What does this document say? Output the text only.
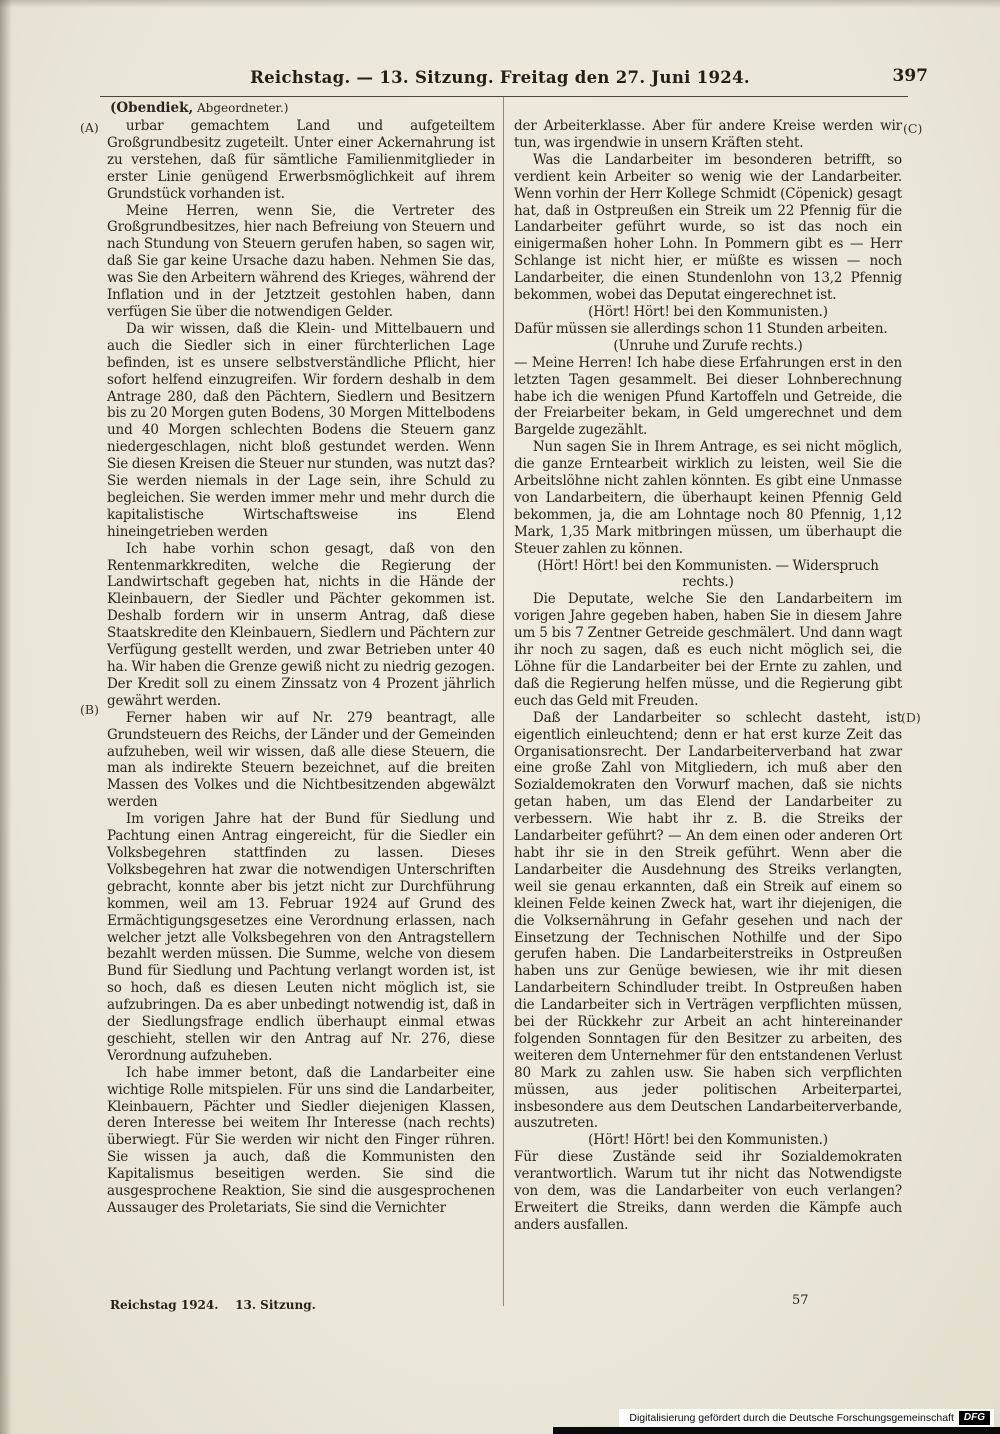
Reichstag. — 13. Sitzung. Freitag den 27. Juni 1924.	397
(Obendiek, Abgeordneter.)
(A)
(B)
(C)
(D)

urbar gemachtem Land und aufgeteiltem Großgrundbesitz zugeteilt. Unter einer Ackernahrung ist zu verstehen, daß für sämtliche Familienmitglieder in erster Linie genügend Erwerbsmöglichkeit auf ihrem Grundstück vorhanden ist.

Meine Herren, wenn Sie, die Vertreter des Großgrundbesitzes, hier nach Befreiung von Steuern und nach Stundung von Steuern gerufen haben, so sagen wir, daß Sie gar keine Ursache dazu haben. Nehmen Sie das, was Sie den Arbeitern während des Krieges, während der Inflation und in der Jetztzeit gestohlen haben, dann verfügen Sie über die notwendigen Gelder.

Da wir wissen, daß die Klein- und Mittelbauern und auch die Siedler sich in einer fürchterlichen Lage befinden, ist es unsere selbstverständliche Pflicht, hier sofort helfend einzugreifen. Wir fordern deshalb in dem Antrage 280, daß den Pächtern, Siedlern und Besitzern bis zu 20 Morgen guten Bodens, 30 Morgen Mittelbodens und 40 Morgen schlechten Bodens die Steuern ganz niedergeschlagen, nicht bloß gestundet werden. Wenn Sie diesen Kreisen die Steuer nur stunden, was nutzt das? Sie werden niemals in der Lage sein, ihre Schuld zu begleichen. Sie werden immer mehr und mehr durch die kapitalistische Wirtschaftsweise ins Elend hineingetrieben werden

Ich habe vorhin schon gesagt, daß von den Rentenmarkkrediten, welche die Regierung der Landwirtschaft gegeben hat, nichts in die Hände der Kleinbauern, der Siedler und Pächter gekommen ist. Deshalb fordern wir in unserm Antrag, daß diese Staatskredite den Kleinbauern, Siedlern und Pächtern zur Verfügung gestellt werden, und zwar Betrieben unter 40 ha. Wir haben die Grenze gewiß nicht zu niedrig gezogen. Der Kredit soll zu einem Zinssatz von 4 Prozent jährlich gewährt werden.

Ferner haben wir auf Nr. 279 beantragt, alle Grundsteuern des Reichs, der Länder und der Gemeinden aufzuheben, weil wir wissen, daß alle diese Steuern, die man als indirekte Steuern bezeichnet, auf die breiten Massen des Volkes und die Nichtbesitzenden abgewälzt werden

Im vorigen Jahre hat der Bund für Siedlung und Pachtung einen Antrag eingereicht, für die Siedler ein Volksbegehren stattfinden zu lassen. Dieses Volksbegehren hat zwar die notwendigen Unterschriften gebracht, konnte aber bis jetzt nicht zur Durchführung kommen, weil am 13. Februar 1924 auf Grund des Ermächtigungsgesetzes eine Verordnung erlassen, nach welcher jetzt alle Volksbegehren von den Antragstellern bezahlt werden müssen. Die Summe, welche von diesem Bund für Siedlung und Pachtung verlangt worden ist, ist so hoch, daß es diesen Leuten nicht möglich ist, sie aufzubringen. Da es aber unbedingt notwendig ist, daß in der Siedlungsfrage endlich überhaupt einmal etwas geschieht, stellen wir den Antrag auf Nr. 276, diese Verordnung aufzuheben.

Ich habe immer betont, daß die Landarbeiter eine wichtige Rolle mitspielen. Für uns sind die Landarbeiter, Kleinbauern, Pächter und Siedler diejenigen Klassen, deren Interesse bei weitem Ihr Interesse (nach rechts) überwiegt. Für Sie werden wir nicht den Finger rühren. Sie wissen ja auch, daß die Kommunisten den Kapitalismus beseitigen werden. Sie sind die ausgesprochene Reaktion, Sie sind die ausgesprochenen Aussauger des Proletariats, Sie sind die Vernichter

der Arbeiterklasse. Aber für andere Kreise werden wir tun, was irgendwie in unsern Kräften steht.

Was die Landarbeiter im besonderen betrifft, so verdient kein Arbeiter so wenig wie der Landarbeiter. Wenn vorhin der Herr Kollege Schmidt (Cöpenick) gesagt hat, daß in Ostpreußen ein Streik um 22 Pfennig für die Landarbeiter geführt wurde, so ist das noch ein einigermaßen hoher Lohn. In Pommern gibt es — Herr Schlange ist nicht hier, er müßte es wissen — noch Landarbeiter, die einen Stundenlohn von 13,2 Pfennig bekommen, wobei das Deputat eingerechnet ist.

(Hört! Hört! bei den Kommunisten.)

Dafür müssen sie allerdings schon 11 Stunden arbeiten.

(Unruhe und Zurufe rechts.)

— Meine Herren! Ich habe diese Erfahrungen erst in den letzten Tagen gesammelt. Bei dieser Lohnberechnung habe ich die wenigen Pfund Kartoffeln und Getreide, die der Freiarbeiter bekam, in Geld umgerechnet und dem Bargelde zugezählt.

Nun sagen Sie in Ihrem Antrage, es sei nicht möglich, die ganze Erntearbeit wirklich zu leisten, weil Sie die Arbeitslöhne nicht zahlen könnten. Es gibt eine Unmasse von Landarbeitern, die überhaupt keinen Pfennig Geld bekommen, ja, die am Lohntage noch 80 Pfennig, 1,12 Mark, 1,35 Mark mitbringen müssen, um überhaupt die Steuer zahlen zu können.

(Hört! Hört! bei den Kommunisten. — Widerspruch rechts.)

Die Deputate, welche Sie den Landarbeitern im vorigen Jahre gegeben haben, haben Sie in diesem Jahre um 5 bis 7 Zentner Getreide geschmälert. Und dann wagt ihr noch zu sagen, daß es euch nicht möglich sei, die Löhne für die Landarbeiter bei der Ernte zu zahlen, und daß die Regierung helfen müsse, und die Regierung gibt euch das Geld mit Freuden.

Daß der Landarbeiter so schlecht dasteht, ist eigentlich einleuchtend; denn er hat erst kurze Zeit das Organisationsrecht. Der Landarbeiterverband hat zwar eine große Zahl von Mitgliedern, ich muß aber den Sozialdemokraten den Vorwurf machen, daß sie nichts getan haben, um das Elend der Landarbeiter zu verbessern. Wie habt ihr z. B. die Streiks der Landarbeiter geführt? — An dem einen oder anderen Ort habt ihr sie in den Streik geführt. Wenn aber die Landarbeiter die Ausdehnung des Streiks verlangten, weil sie genau erkannten, daß ein Streik auf einem so kleinen Felde keinen Zweck hat, wart ihr diejenigen, die die Volksernährung in Gefahr gesehen und nach der Einsetzung der Technischen Nothilfe und der Sipo gerufen haben. Die Landarbeiterstreiks in Ostpreußen haben uns zur Genüge bewiesen, wie ihr mit diesen Landarbeitern Schindluder treibt. In Ostpreußen haben die Landarbeiter sich in Verträgen verpflichten müssen, bei der Rückkehr zur Arbeit an acht hintereinander folgenden Sonntagen für den Besitzer zu arbeiten, des weiteren dem Unternehmer für den entstandenen Verlust 80 Mark zu zahlen usw. Sie haben sich verpflichten müssen, aus jeder politischen Arbeiterpartei, insbesondere aus dem Deutschen Landarbeiterverbande, auszutreten.

(Hört! Hört! bei den Kommunisten.)

Für diese Zustände seid ihr Sozialdemokraten verantwortlich. Warum tut ihr nicht das Notwendigste von dem, was die Landarbeiter von euch verlangen? Erweitert die Streiks, dann werden die Kämpfe auch anders ausfallen.

Reichstag 1924.    13. Sitzung.	57
Digitalisierung gefördert durch die Deutsche Forschungsgemeinschaft	DFG
